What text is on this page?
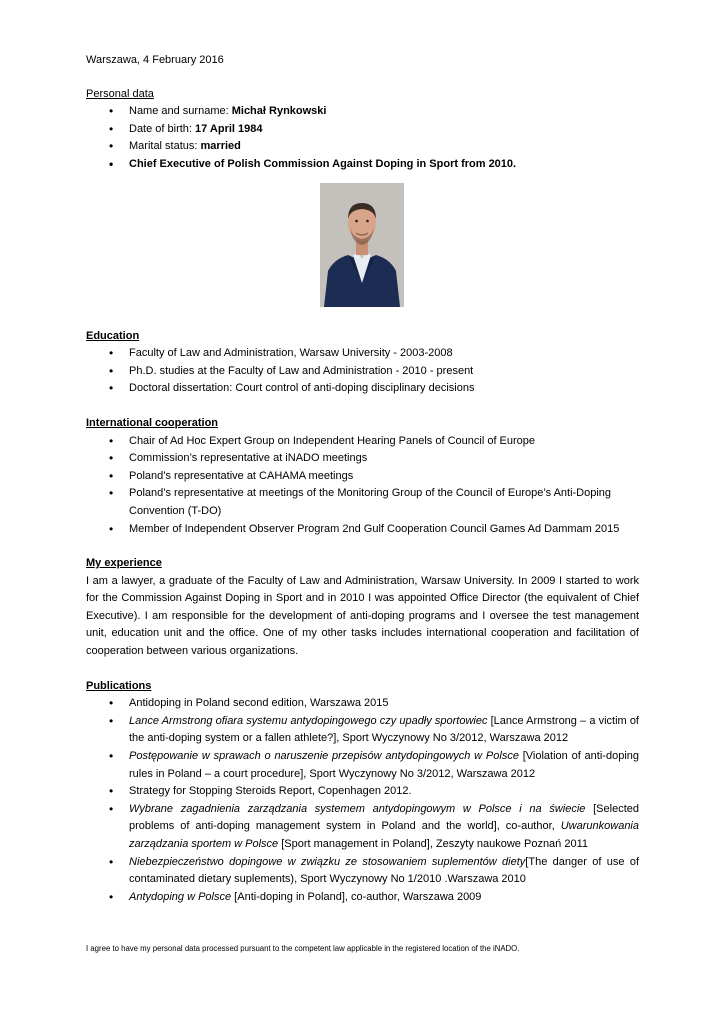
Warszawa, 4 February 2016

Personal data

• Name and surname: Michał Rynkowski
• Date of birth: 17 April 1984
• Marital status: married
• Chief Executive of Polish Commission Against Doping in Sport from 2010.

Education

• Faculty of Law and Administration, Warsaw University - 2003-2008
• Ph.D. studies at the Faculty of Law and Administration - 2010 - present
• Doctoral dissertation: Court control of anti-doping disciplinary decisions

International cooperation

• Chair of Ad Hoc Expert Group on Independent Hearing Panels of Council of Europe
• Commission’s representative at iNADO meetings
• Poland’s representative at CAHAMA meetings
• Poland’s representative at meetings of the Monitoring Group of the Council of Europe’s Anti-Doping Convention (T-DO)
• Member of Independent Observer Program 2nd Gulf Cooperation Council Games Ad Dammam 2015

My experience

I am a lawyer, a graduate of the Faculty of Law and Administration, Warsaw University. In 2009 I started to work for the Commission Against Doping in Sport and in 2010 I was appointed Office Director (the equivalent of Chief Executive). I am responsible for the development of anti-doping programs and I oversee the test management unit, education unit and the office. One of my other tasks includes international cooperation and facilitation of cooperation between various organizations.

Publications

• Antidoping in Poland second edition, Warszawa 2015
• Lance Armstrong ofiara systemu antydopingowego czy upadły sportowiec [Lance Armstrong – a victim of the anti-doping system or a fallen athlete?], Sport Wyczynowy No 3/2012, Warszawa 2012
• Postępowanie w sprawach o naruszenie przepisów antydopingowych w Polsce [Violation of anti-doping rules in Poland – a court procedure], Sport Wyczynowy No 3/2012, Warszawa 2012
• Strategy for Stopping Steroids Report, Copenhagen 2012.
• Wybrane zagadnienia zarządzania systemem antydopingowym w Polsce i na świecie [Selected problems of anti-doping management system in Poland and the world], co-author, Uwarunkowania zarządzania sportem w Polsce [Sport management in Poland], Zeszyty naukowe Poznań 2011
• Niebezpieczeństwo dopingowe w związku ze stosowaniem suplementów diety[The danger of use of contaminated dietary suplements), Sport Wyczynowy No 1/2010 .Warszawa 2010
• Antydoping w Polsce [Anti-doping in Poland], co-author, Warszawa 2009

I agree to have my personal data processed pursuant to the competent law applicable in the registered location of the iNADO.
